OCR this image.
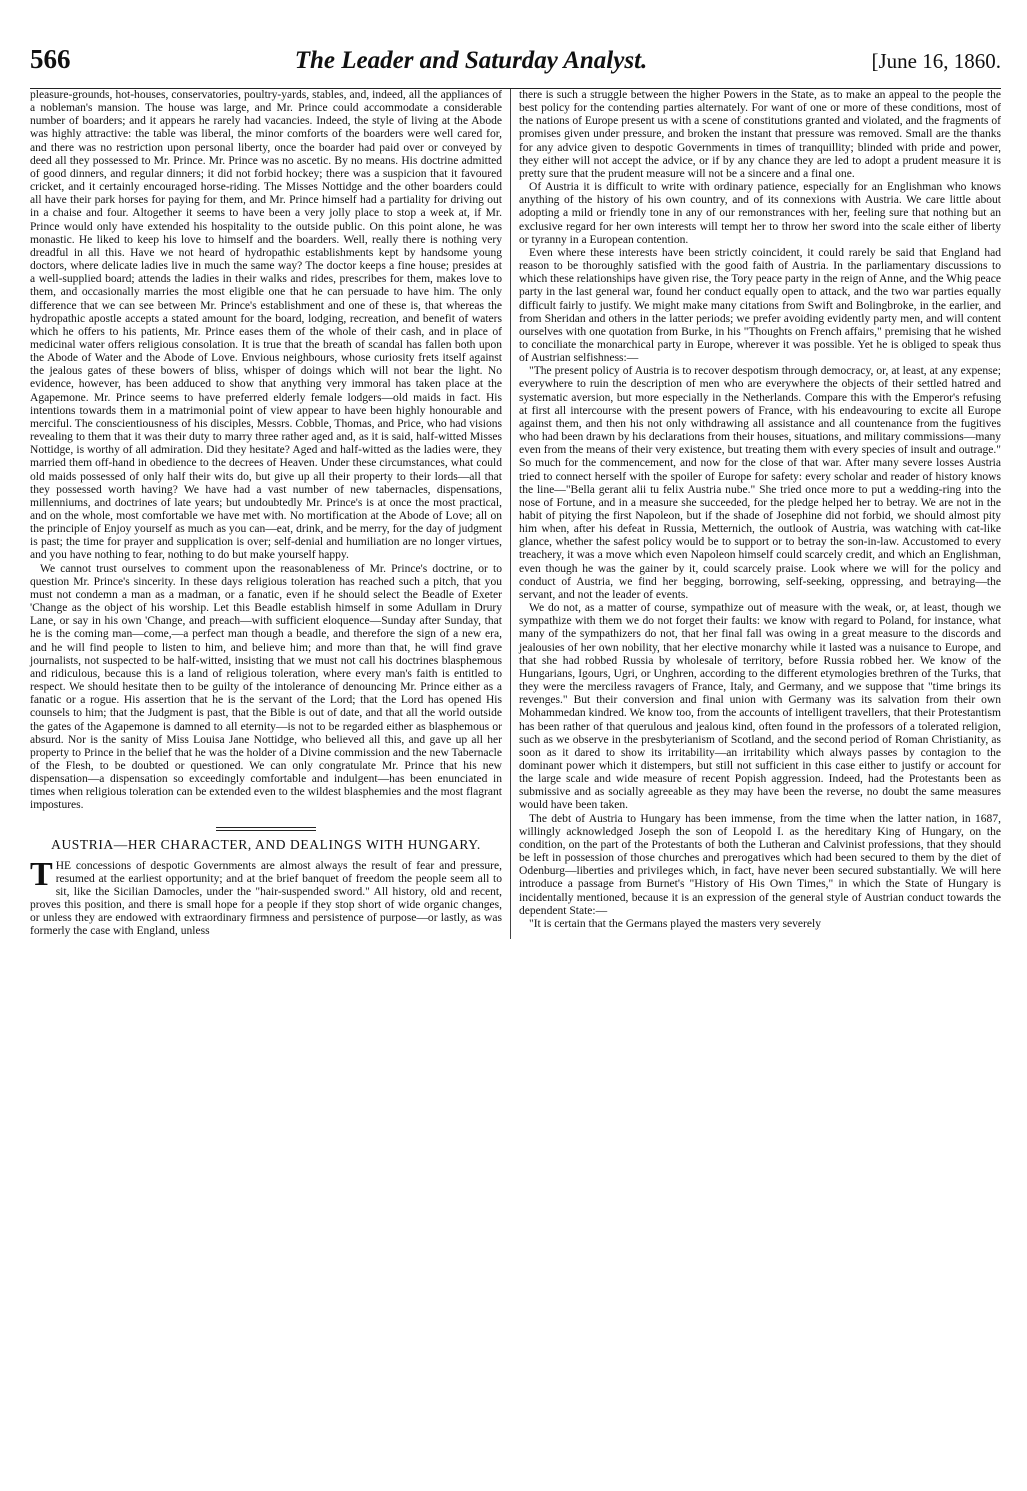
566	The Leader and Saturday Analyst.	[June 16, 1860.

pleasure-grounds, hot-houses, conservatories, poultry-yards, stables, and, indeed, all the appliances of a nobleman's mansion. The house was large, and Mr. Prince could accommodate a considerable number of boarders; and it appears he rarely had vacancies. Indeed, the style of living at the Abode was highly attractive: the table was liberal, the minor comforts of the boarders were well cared for, and there was no restriction upon personal liberty, once the boarder had paid over or conveyed by deed all they possessed to Mr. Prince. Mr. Prince was no ascetic. By no means. His doctrine admitted of good dinners, and regular dinners; it did not forbid hockey; there was a suspicion that it favoured cricket, and it certainly encouraged horse-riding. The Misses Nottidge and the other boarders could all have their park horses for paying for them, and Mr. Prince himself had a partiality for driving out in a chaise and four. Altogether it seems to have been a very jolly place to stop a week at, if Mr. Prince would only have extended his hospitality to the outside public. On this point alone, he was monastic. He liked to keep his love to himself and the boarders. Well, really there is nothing very dreadful in all this. Have we not heard of hydropathic establishments kept by handsome young doctors, where delicate ladies live in much the same way? The doctor keeps a fine house; presides at a well-supplied board; attends the ladies in their walks and rides, prescribes for them, makes love to them, and occasionally marries the most eligible one that he can persuade to have him. The only difference that we can see between Mr. Prince's establishment and one of these is, that whereas the hydropathic apostle accepts a stated amount for the board, lodging, recreation, and benefit of waters which he offers to his patients, Mr. Prince eases them of the whole of their cash, and in place of medicinal water offers religious consolation. It is true that the breath of scandal has fallen both upon the Abode of Water and the Abode of Love. Envious neighbours, whose curiosity frets itself against the jealous gates of these bowers of bliss, whisper of doings which will not bear the light. No evidence, however, has been adduced to show that anything very immoral has taken place at the Agapemone. Mr. Prince seems to have preferred elderly female lodgers—old maids in fact. His intentions towards them in a matrimonial point of view appear to have been highly honourable and merciful. The conscientiousness of his disciples, Messrs. Cobble, Thomas, and Price, who had visions revealing to them that it was their duty to marry three rather aged and, as it is said, half-witted Misses Nottidge, is worthy of all admiration. Did they hesitate? Aged and half-witted as the ladies were, they married them off-hand in obedience to the decrees of Heaven. Under these circumstances, what could old maids possessed of only half their wits do, but give up all their property to their lords—all that they possessed worth having? We have had a vast number of new tabernacles, dispensations, millenniums, and doctrines of late years; but undoubtedly Mr. Prince's is at once the most practical, and on the whole, most comfortable we have met with. No mortification at the Abode of Love; all on the principle of Enjoy yourself as much as you can—eat, drink, and be merry, for the day of judgment is past; the time for prayer and supplication is over; self-denial and humiliation are no longer virtues, and you have nothing to fear, nothing to do but make yourself happy.

We cannot trust ourselves to comment upon the reasonableness of Mr. Prince's doctrine, or to question Mr. Prince's sincerity. In these days religious toleration has reached such a pitch, that you must not condemn a man as a madman, or a fanatic, even if he should select the Beadle of Exeter 'Change as the object of his worship. Let this Beadle establish himself in some Adullam in Drury Lane, or say in his own 'Change, and preach—with sufficient eloquence—Sunday after Sunday, that he is the coming man—come,—a perfect man though a beadle, and therefore the sign of a new era, and he will find people to listen to him, and believe him; and more than that, he will find grave journalists, not suspected to be half-witted, insisting that we must not call his doctrines blasphemous and ridiculous, because this is a land of religious toleration, where every man's faith is entitled to respect. We should hesitate then to be guilty of the intolerance of denouncing Mr. Prince either as a fanatic or a rogue. His assertion that he is the servant of the Lord; that the Lord has opened His counsels to him; that the Judgment is past, that the Bible is out of date, and that all the world outside the gates of the Agapemone is damned to all eternity—is not to be regarded either as blasphemous or absurd. Nor is the sanity of Miss Louisa Jane Nottidge, who believed all this, and gave up all her property to Prince in the belief that he was the holder of a Divine commission and the new Tabernacle of the Flesh, to be doubted or questioned. We can only congratulate Mr. Prince that his new dispensation—a dispensation so exceedingly comfortable and indulgent—has been enunciated in times when religious toleration can be extended even to the wildest blasphemies and the most flagrant impostures.

AUSTRIA—HER CHARACTER, AND DEALINGS WITH HUNGARY.

THE concessions of despotic Governments are almost always the result of fear and pressure, resumed at the earliest opportunity; and at the brief banquet of freedom the people seem all to sit, like the Sicilian Damocles, under the "hair-suspended sword." All history, old and recent, proves this position, and there is small hope for a people if they stop short of wide organic changes, or unless they are endowed with extraordinary firmness and persistence of purpose—or lastly, as was formerly the case with England, unless

there is such a struggle between the higher Powers in the State, as to make an appeal to the people the best policy for the contending parties alternately. For want of one or more of these conditions, most of the nations of Europe present us with a scene of constitutions granted and violated, and the fragments of promises given under pressure, and broken the instant that pressure was removed. Small are the thanks for any advice given to despotic Governments in times of tranquillity; blinded with pride and power, they either will not accept the advice, or if by any chance they are led to adopt a prudent measure it is pretty sure that the prudent measure will not be a sincere and a final one.

Of Austria it is difficult to write with ordinary patience, especially for an Englishman who knows anything of the history of his own country, and of its connexions with Austria. We care little about adopting a mild or friendly tone in any of our remonstrances with her, feeling sure that nothing but an exclusive regard for her own interests will tempt her to throw her sword into the scale either of liberty or tyranny in a European contention.

Even where these interests have been strictly coincident, it could rarely be said that England had reason to be thoroughly satisfied with the good faith of Austria. In the parliamentary discussions to which these relationships have given rise, the Tory peace party in the reign of Anne, and the Whig peace party in the last general war, found her conduct equally open to attack, and the two war parties equally difficult fairly to justify. We might make many citations from Swift and Bolingbroke, in the earlier, and from Sheridan and others in the latter periods; we prefer avoiding evidently party men, and will content ourselves with one quotation from Burke, in his "Thoughts on French affairs," premising that he wished to conciliate the monarchical party in Europe, wherever it was possible. Yet he is obliged to speak thus of Austrian selfishness:—

"The present policy of Austria is to recover despotism through democracy, or, at least, at any expense; everywhere to ruin the description of men who are everywhere the objects of their settled hatred and systematic aversion, but more especially in the Netherlands. Compare this with the Emperor's refusing at first all intercourse with the present powers of France, with his endeavouring to excite all Europe against them, and then his not only withdrawing all assistance and all countenance from the fugitives who had been drawn by his declarations from their houses, situations, and military commissions—many even from the means of their very existence, but treating them with every species of insult and outrage." So much for the commencement, and now for the close of that war. After many severe losses Austria tried to connect herself with the spoiler of Europe for safety: every scholar and reader of history knows the line—"Bella gerant alii tu felix Austria nube." She tried once more to put a wedding-ring into the nose of Fortune, and in a measure she succeeded, for the pledge helped her to betray. We are not in the habit of pitying the first Napoleon, but if the shade of Josephine did not forbid, we should almost pity him when, after his defeat in Russia, Metternich, the outlook of Austria, was watching with cat-like glance, whether the safest policy would be to support or to betray the son-in-law. Accustomed to every treachery, it was a move which even Napoleon himself could scarcely credit, and which an Englishman, even though he was the gainer by it, could scarcely praise. Look where we will for the policy and conduct of Austria, we find her begging, borrowing, self-seeking, oppressing, and betraying—the servant, and not the leader of events.

We do not, as a matter of course, sympathize out of measure with the weak, or, at least, though we sympathize with them we do not forget their faults: we know with regard to Poland, for instance, what many of the sympathizers do not, that her final fall was owing in a great measure to the discords and jealousies of her own nobility, that her elective monarchy while it lasted was a nuisance to Europe, and that she had robbed Russia by wholesale of territory, before Russia robbed her. We know of the Hungarians, Igours, Ugri, or Unghren, according to the different etymologies brethren of the Turks, that they were the merciless ravagers of France, Italy, and Germany, and we suppose that "time brings its revenges." But their conversion and final union with Germany was its salvation from their own Mohammedan kindred. We know too, from the accounts of intelligent travellers, that their Protestantism has been rather of that querulous and jealous kind, often found in the professors of a tolerated religion, such as we observe in the presbyterianism of Scotland, and the second period of Roman Christianity, as soon as it dared to show its irritability—an irritability which always passes by contagion to the dominant power which it distempers, but still not sufficient in this case either to justify or account for the large scale and wide measure of recent Popish aggression. Indeed, had the Protestants been as submissive and as socially agreeable as they may have been the reverse, no doubt the same measures would have been taken.

The debt of Austria to Hungary has been immense, from the time when the latter nation, in 1687, willingly acknowledged Joseph the son of Leopold I. as the hereditary King of Hungary, on the condition, on the part of the Protestants of both the Lutheran and Calvinist professions, that they should be left in possession of those churches and prerogatives which had been secured to them by the diet of Odenburg—liberties and privileges which, in fact, have never been secured substantially. We will here introduce a passage from Burnet's "History of His Own Times," in which the State of Hungary is incidentally mentioned, because it is an expression of the general style of Austrian conduct towards the dependent State:—

"It is certain that the Germans played the masters very severely
